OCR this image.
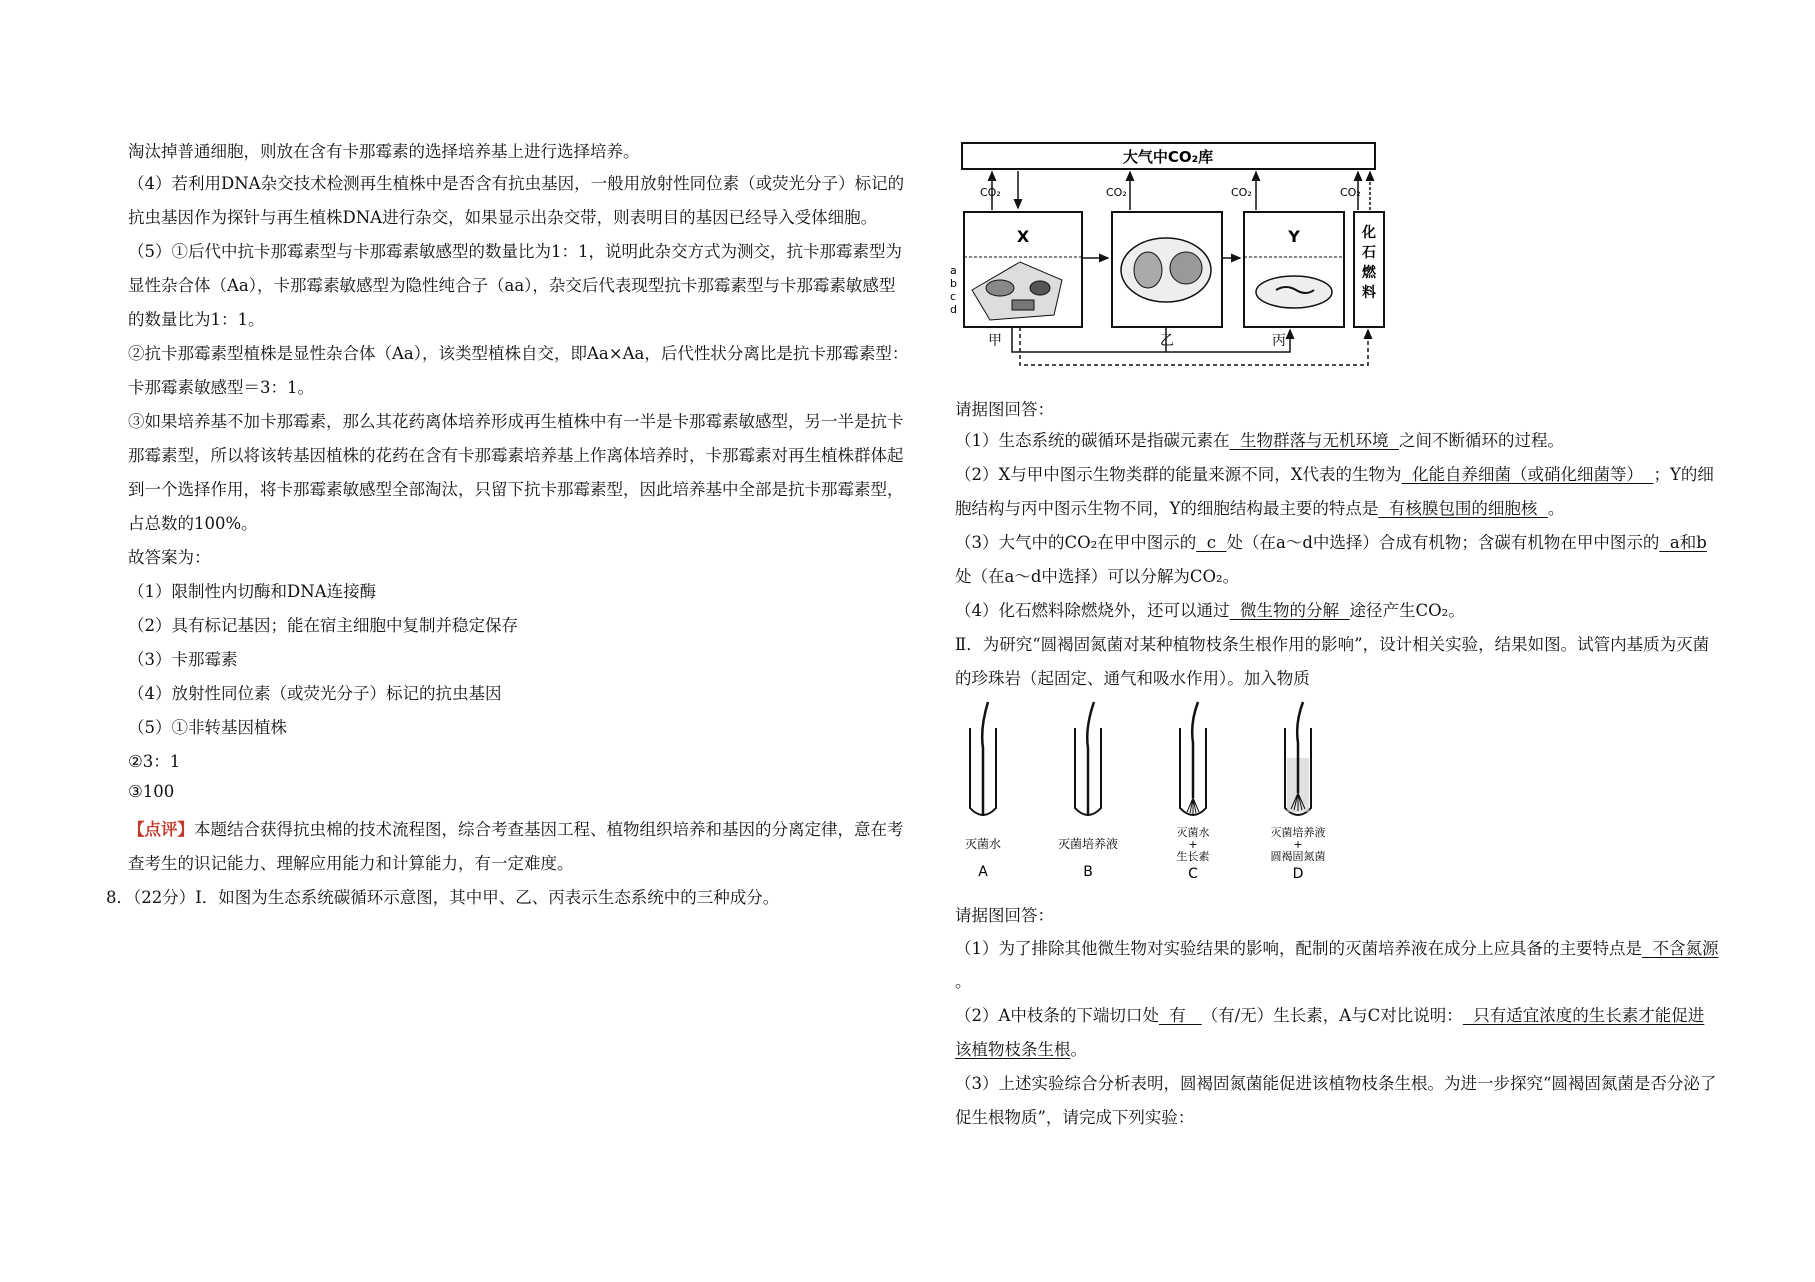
淘汰掉普通细胞，则放在含有卡那霉素的选择培养基上进行选择培养。
（4）若利用DNA杂交技术检测再生植株中是否含有抗虫基因，一般用放射性同位素（或荧光分子）标记的
抗虫基因作为探针与再生植株DNA进行杂交，如果显示出杂交带，则表明目的基因已经导入受体细胞。
（5）①后代中抗卡那霉素型与卡那霉素敏感型的数量比为1：1，说明此杂交方式为测交，抗卡那霉素型为
显性杂合体（Aa），卡那霉素敏感型为隐性纯合子（aa），杂交后代表现型抗卡那霉素型与卡那霉素敏感型
的数量比为1：1。
②抗卡那霉素型植株是显性杂合体（Aa），该类型植株自交，即Aa×Aa，后代性状分离比是抗卡那霉素型：
卡那霉素敏感型＝3：1。
③如果培养基不加卡那霉素，那么其花药离体培养形成再生植株中有一半是卡那霉素敏感型，另一半是抗卡
那霉素型，所以将该转基因植株的花药在含有卡那霉素培养基上作离体培养时，卡那霉素对再生植株群体起
到一个选择作用，将卡那霉素敏感型全部淘汰，只留下抗卡那霉素型，因此培养基中全部是抗卡那霉素型，
占总数的100%。
故答案为：
（1）限制性内切酶和DNA连接酶
（2）具有标记基因；能在宿主细胞中复制并稳定保存
（3）卡那霉素
（4）放射性同位素（或荧光分子）标记的抗虫基因
（5）①非转基因植株
②3：1
③100
【点评】本题结合获得抗虫棉的技术流程图，综合考查基因工程、植物组织培养和基因的分离定律，意在考
查考生的识记能力、理解应用能力和计算能力，有一定难度。
8．（22分）I．如图为生态系统碳循环示意图，其中甲、乙、丙表示生态系统中的三种成分。
大气中CO₂库
CO₂	CO₂	CO₂	CO₂
X
a
b
c
d
Y	化
石
燃
料
甲	乙	丙
请据图回答：
（1）生态系统的碳循环是指碳元素在 生物群落与无机环境 之间不断循环的过程。
（2）X与甲中图示生物类群的能量来源不同，X代表的生物为 化能自养细菌（或硝化细菌等） ；Y的细
胞结构与丙中图示生物不同，Y的细胞结构最主要的特点是 有核膜包围的细胞核 。
（3）大气中的CO₂在甲中图示的 c 处（在a～d中选择）合成有机物；含碳有机物在甲中图示的 a和b
处（在a～d中选择）可以分解为CO₂。
（4）化石燃料除燃烧外，还可以通过 微生物的分解 途径产生CO₂。
Ⅱ．为研究“圆褐固氮菌对某种植物枝条生根作用的影响”，设计相关实验，结果如图。试管内基质为灭菌
的珍珠岩（起固定、通气和吸水作用）。加入物质
灭菌水
A
灭菌培养液
B
灭菌水
+
生长素
C
灭菌培养液
+
圆褐固氮菌
D
请据图回答：
（1）为了排除其他微生物对实验结果的影响，配制的灭菌培养液在成分上应具备的主要特点是 不含氮源
。
（2）A中枝条的下端切口处 有 （有/无）生长素，A与C对比说明： 只有适宜浓度的生长素才能促进
该植物枝条生根。
（3）上述实验综合分析表明，圆褐固氮菌能促进该植物枝条生根。为进一步探究“圆褐固氮菌是否分泌了
促生根物质”，请完成下列实验：
